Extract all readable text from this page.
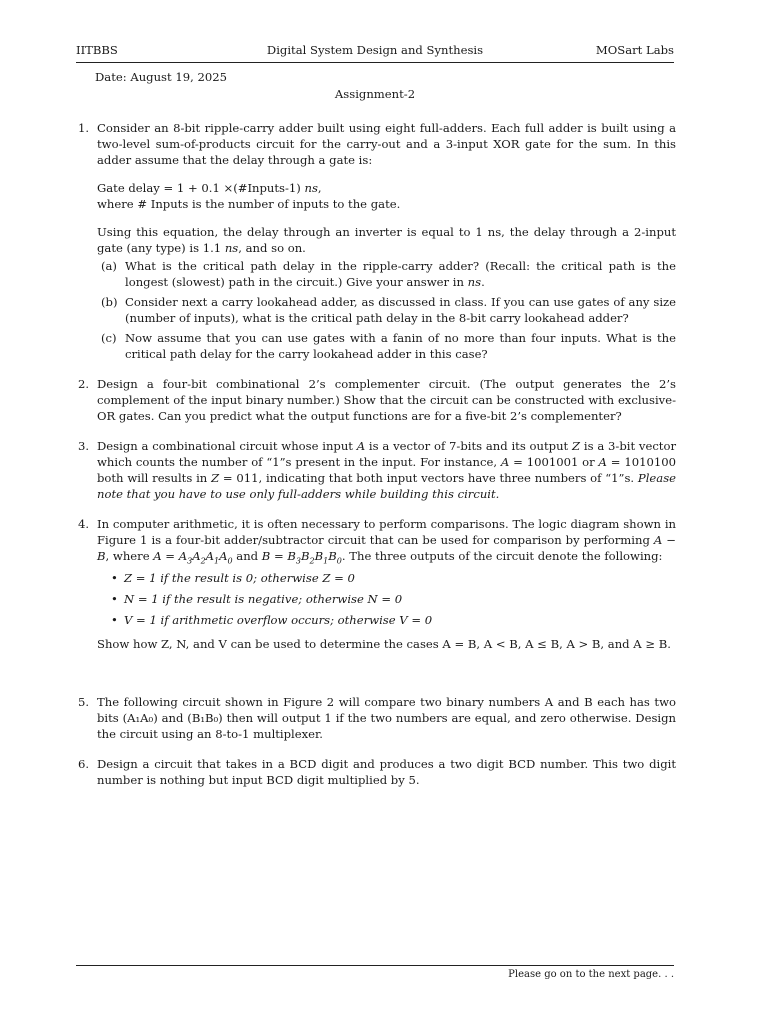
IITBBS	Digital System Design and Synthesis	MOSart Labs
Date: August 19, 2025
Assignment-2
1. Consider an 8-bit ripple-carry adder built using eight full-adders. Each full adder is built using a two-level sum-of-products circuit for the carry-out and a 3-input XOR gate for the sum. In this adder assume that the delay through a gate is:

Gate delay = 1 + 0.1 ×(#Inputs-1) ns,

where # Inputs is the number of inputs to the gate.

Using this equation, the delay through an inverter is equal to 1 ns, the delay through a 2-input gate (any type) is 1.1 ns, and so on.

(a) What is the critical path delay in the ripple-carry adder? (Recall: the critical path is the longest (slowest) path in the circuit.) Give your answer in ns.
(b) Consider next a carry lookahead adder, as discussed in class. If you can use gates of any size (number of inputs), what is the critical path delay in the 8-bit carry lookahead adder?
(c) Now assume that you can use gates with a fanin of no more than four inputs. What is the critical path delay for the carry lookahead adder in this case?
2. Design a four-bit combinational 2’s complementer circuit. (The output generates the 2’s complement of the input binary number.) Show that the circuit can be constructed with exclusive-OR gates. Can you predict what the output functions are for a five-bit 2’s complementer?

3. Design a combinational circuit whose input A is a vector of 7-bits and its output Z is a 3-bit vector which counts the number of “1”s present in the input. For instance, A = 1001001 or A = 1010100 both will results in Z = 011, indicating that both input vectors have three numbers of “1”s. Please note that you have to use only full-adders while building this circuit.

4. In computer arithmetic, it is often necessary to perform comparisons. The logic diagram shown in Figure 1 is a four-bit adder/subtractor circuit that can be used for comparison by performing A − B, where $A = A_3A_2A_1A_0$ and $B = B_3B_2B_1B_0$. The three outputs of the circuit denote the following:

• Z = 1 if the result is 0; otherwise Z = 0
• N = 1 if the result is negative; otherwise N = 0
• V = 1 if arithmetic overflow occurs; otherwise V = 0

Show how Z, N, and V can be used to determine the cases A = B, A < B, A ≤ B, A > B, and A ≥ B.

5. The following circuit shown in Figure 2 will compare two binary numbers A and B each has two bits (A₁A₀) and (B₁B₀) then will output 1 if the two numbers are equal, and zero otherwise. Design the circuit using an 8-to-1 multiplexer.

6. Design a circuit that takes in a BCD digit and produces a two digit BCD number. This two digit number is nothing but input BCD digit multiplied by 5.

Please go on to the next page. . .
